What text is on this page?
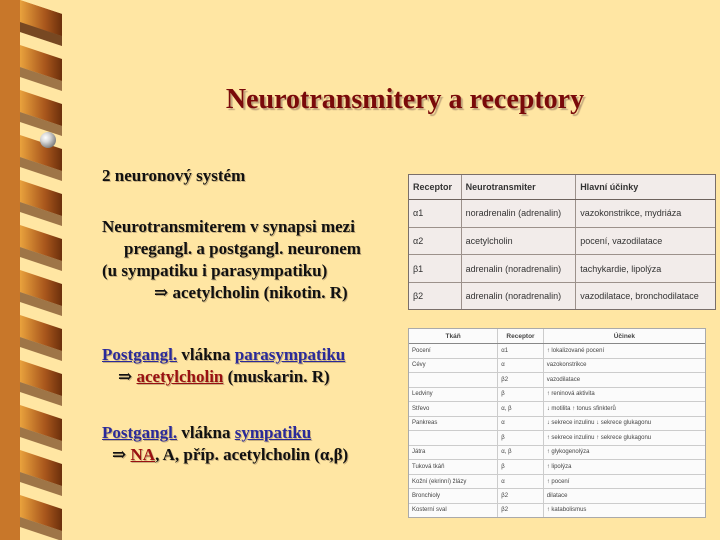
Neurotransmitery a receptory
2 neuronový systém
Neurotransmiterem v synapsi mezi
pregangl. a postgangl. neuronem
(u sympatiku i parasympatiku)
⇒ acetylcholin (nikotin. R)
Postgangl. vlákna parasympatiku
⇒ acetylcholin (muskarin. R)
Postgangl. vlákna sympatiku
⇒ NA, A, příp. acetylcholin (α,β)
Receptor	Neurotransmiter	Hlavní účinky
α1	noradrenalin (adrenalin)	vazokonstrikce, mydriáza
α2	acetylcholin	pocení, vazodilatace
β1	adrenalin (noradrenalin)	tachykardie, lipolýza
β2	adrenalin (noradrenalin)	vazodilatace, bronchodilatace
Tkáň	Receptor	Účinek
Pocení	α1	↑ lokalizované pocení
Cévy	α	vazokonstrikce
	β2	vazodilatace
Ledviny	β	↑ reninová aktivita
Střevo	α, β	↓ motilita ↑ tonus sfinkterů
Pankreas	α	↓ sekrece inzulinu ↓ sekrece glukagonu
	β	↑ sekrece inzulinu ↑ sekrece glukagonu
Játra	α, β	↑ glykogenolýza
Tuková tkáň	β	↑ lipolýza
Kožní (ekrinní) žlázy	α	↑ pocení
Bronchioly	β2	dilatace
Kosterní sval	β2	↑ katabolismus
